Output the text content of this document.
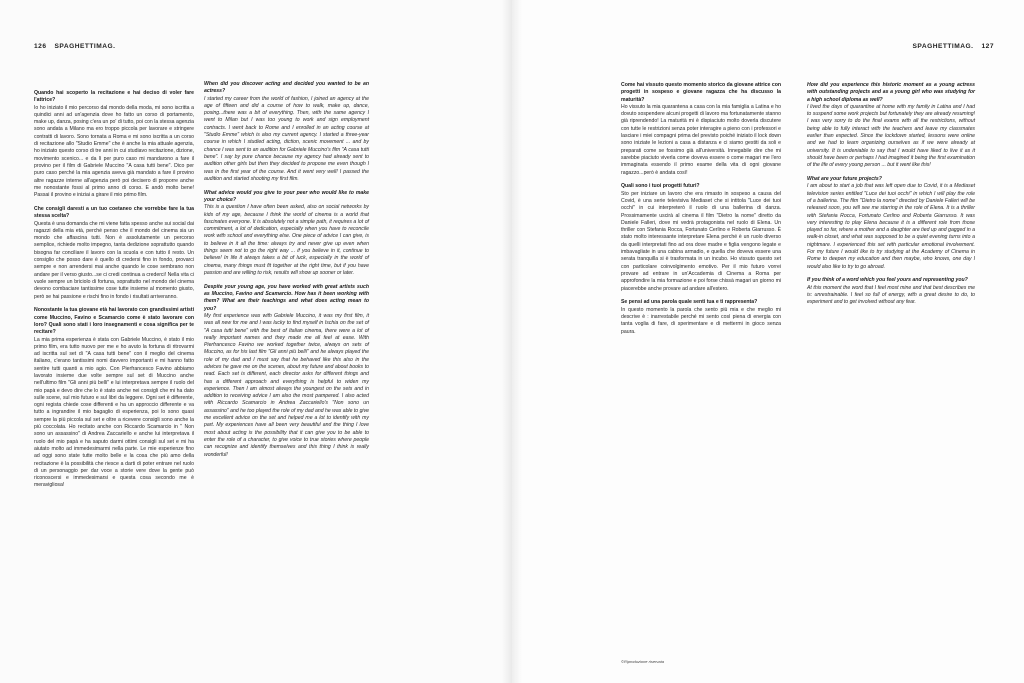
126 SPAGHETTIMAG.

Quando hai scoperto la recitazione e hai deciso di voler fare l'attrice?

Io ho iniziato il mio percorso dal mondo della moda, mi sono iscritta a quindici anni ad un'agenzia dove ho fatto un corso di portamento, make up, danza, posing c'era un po' di tutto, poi con la stessa agenzia sono andata a Milano ma ero troppo piccola per lavorare e stringere contratti di lavoro. Sono tornata a Roma e mi sono iscritta a un corso di recitazione allo "Studio Emme" che è anche la mia attuale agenzia, ho iniziato questo corso di tre anni in cui studiavo recitazione, dizione, movimento scenico... e da lì per puro caso mi mandarono a fare il provino per il film di Gabriele Muccino "A casa tutti bene". Dico per puro caso perché la mia agenzia aveva già mandato a fare il provino altre ragazze interne all'agenzia però poi decisero di proporre anche me nonostante fossi al primo anno di corso. E andò molto bene! Passai il provino e iniziai a girare il mio primo film.

Che consigli daresti a un tuo coetaneo che vorrebbe fare la tua stessa scelta?

Questa è una domanda che mi viene fatta spesso anche sui social dai ragazzi della mia età, perché penso che il mondo del cinema sia un mondo che affascina tutti. Non è assolutamente un percorso semplice, richiede molto impegno, tanta dedizione soprattutto quando bisogna far conciliare il lavoro con la scuola e con tutto il resto. Un consiglio che posso dare è quello di credersi fino in fondo, provarci sempre e non arrendersi mai anche quando le cose sembrano non andare per il verso giusto...se ci credi continua a crederci! Nella vita ci vuole sempre un briciolo di fortuna, soprattutto nel mondo del cinema devono combaciare tantissime cose tutte insieme al momento giusto, però se hai passione e rischi fino in fondo i risultati arriveranno.

Nonostante la tua giovane età hai lavorato con grandissimi artisti come Muccino, Favino e Scamarcio come è stato lavorare con loro? Quali sono stati i loro insegnamenti e cosa significa per te recitare?

La mia prima esperienza è stata con Gabriele Muccino, è stato il mio primo film, era tutto nuovo per me e ho avuto la fortuna di ritrovarmi ad iscritta sul set di "A casa tutti bene" con il meglio del cinema italiano, c'erano tantissimi nomi davvero importanti e mi hanno fatto sentire tutti quanti a mio agio. Con Pierfrancesco Favino abbiamo lavorato insieme due volte sempre sul set di Muccino anche nell'ultimo film "Gli anni più belli" e lui interpretava sempre il ruolo del mio papà e devo dire che lo è stato anche nei consigli che mi ha dato sulle scene, sul mio futuro e sul libri da leggere. Ogni set è differente, ogni regista chiede cose differenti e ha un approccio differente e va tutto a ingrandire il mio bagaglio di esperienza, poi lo sono quasi sempre la più piccola sul set e oltre a ricevere consigli sono anche la più coccolata. Ho recitato anche con Riccardo Scamarcio in " Non sono un assassino" di Andrea Zaccariello e anche lui interpretava il ruolo del mio papà e ha saputo darmi ottimi consigli sul set e mi ha aiutato molto ad immedesimarmi nella parte. Le mie esperienze fino ad oggi sono state tutte molto belle e la cosa che più amo della recitazione è la possibilità che riesce a darti di poter entrare nel ruolo di un personaggio per dar voce a storie vere dove la gente può riconoscersi e immedesimarsi e questa cosa secondo me è meravigliosa!

When did you discover acting and decided you wanted to be an actress?

I started my career from the world of fashion, I joined an agency at the age of fifteen and did a course of how to walk, make up, dance, posing...there was a bit of everything. Then, with the same agency I went to Milan but I was too young to work and sign employment contracts. I went back to Rome and I enrolled in an acting course at "Studio Emme" which is also my current agency. I started a three-year course in which I studied acting, diction, scenic movement ... and by chance I was sent to an audition for Gabriele Muccino's film "A casa tutti bene". I say by pure chance because my agency had already sent to audition other girls but then they decided to propose me even though I was in the first year of the course. And it went very well! I passed the audition and started shooting my first film.

What advice would you give to your peer who would like to make your choice?

This is a question I have often been asked, also on social networks by kids of my age, because I think the world of cinema is a world that fascinates everyone. It is absolutely not a simple path, it requires a lot of commitment, a lot of dedication, especially when you have to reconcile work with school and everything else. One piece of advice I can give, is to believe in it all the time: always try and never give up even when things seem not to go the right way ... if you believe in it, continue to believe! In life it always takes a bit of luck, especially in the world of cinema, many things must fit together at the right time, but if you have passion and are willing to risk, results will show up sooner or later.

Despite your young age, you have worked with great artists such as Muccino, Favino and Scamarcio. How has it been working with them? What are their teachings and what does acting mean to you?

My first experience was with Gabriele Muccino, it was my first film, it was all new for me and I was lucky to find myself in Ischia on the set of "A casa tutti bene" with the best of Italian cinema, there were a lot of really important names and they made me all feel at ease. With Pierfrancesco Favino we worked together twice, always on sets of Muccino, as for his last film "Gli anni più belli" and he always played the role of my dad and I must say that he behaved like this also in the advices he gave me on the scenes, about my future and about books to read. Each set is different, each director asks for different things and has a different approach and everything is helpful to widen my experience. Then I am almost always the youngest on the sets and in addition to receiving advice I am also the most pampered. I also acted with Riccardo Scamarcio in Andrea Zaccariello's "Non sono un assassino" and he too played the role of my dad and he was able to give me excellent advice on the set and helped me a lot to identify with my part. My experiences have all been very beautiful and the thing I love most about acting is the possibility that it can give you to be able to enter the role of a character, to give voice to true stories where people can recognize and identify themselves and this thing I think is really wonderful!

SPAGHETTIMAG. 127

Come hai vissuto questo momento storico da giovane attrice con progetti in sospeso e giovane ragazza che ha discusso la maturità?

Ho vissuto la mia quarantena a casa con la mia famiglia a Latina e ho dovuto sospendere alcuni progetti di lavoro ma fortunatamente stanno già riprendendo! La maturità mi è dispiaciuto molto doverla discutere con tutte le restrizioni senza poter interagire a pieno con i professori e lasciare i miei compagni prima del previsto poiché iniziato il lock down sono iniziate le lezioni a casa a distanza e ci siamo gestiti da soli e preparati come se fossimo già all'università. Innegabile dire che mi sarebbe piaciuto viverla come doveva essere o come magari me l'ero immaginata essendo il primo esame della vita di ogni giovane ragazzo...però è andata così!

Quali sono i tuoi progetti futuri?

Sto per iniziare un lavoro che era rimasto in sospeso a causa del Covid, è una serie televisiva Mediaset che si intitola "Luce dei tuoi occhi" in cui interpreterò il ruolo di una ballerina di danza. Prossimamente uscirà al cinema il film "Dietro la nome" diretto da Daniele Falleri, dove mi vedrà protagonista nel ruolo di Elena. Un thriller con Stefania Rocca, Fortunato Cerlino e Roberta Giarrusso. È stato molto interessante interpretare Elena perché è un ruolo diverso da quelli interpretati fino ad ora dove madre e figlia vengono legate e imbavagliate in una cabina armadio, e quella che doveva essere una serata tranquilla si è trasformata in un incubo. Ho vissuto questo set con particolare coinvolgimento emotivo. Per il mio futuro vorrei provare ad entrare in un'Accademia di Cinema a Roma per approfondire la mia formazione e poi forse chissà magari un giorno mi piacerebbe anche provare ad andare all'estero.

Se pensi ad una parola quale senti tua e ti rappresenta?

In questo momento la parola che sento più mia e che meglio mi descrive è : inarrestabile perché mi sento così piena di energia con tanta voglia di fare, di sperimentare e di mettermi in gioco senza paura.

How did you experience this historic moment as a young actress with outstanding projects and as a young girl who was studying for a high school diploma as well?

I lived the days of quarantine at home with my family in Latina and I had to suspend some work projects but fortunately they are already resuming! I was very sorry to do the final exams with all the restrictions, without being able to fully interact with the teachers and leave my classmates earlier than expected. Since the lockdown started, lessons were online and we had to learn organizing ourselves as if we were already at university. It is undeniable to say that I would have liked to live it as it should have been or perhaps I had imagined it being the first examination of the life of every young person ... but it went like this!

What are your future projects?

I am about to start a job that was left open due to Covid, it is a Mediaset television series entitled "Luce dei tuoi occhi" in which I will play the role of a ballerina. The film "Dietro la nome" directed by Daniele Falleri will be released soon, you will see me starring in the role of Elena. It is a thriller with Stefania Rocca, Fortunato Cerlino and Roberta Giarrusso. It was very interesting to play Elena because it is a different role from those played so far, where a mother and a daughter are tied up and gagged in a walk-in closet, and what was supposed to be a quiet evening turns into a nightmare. I experienced this set with particular emotional involvement. For my future I would like to try studying at the Academy of Cinema in Rome to deepen my education and then maybe, who knows, one day I would also like to try to go abroad.

If you think of a word which you feel yours and representing you?

At this moment the word that I feel most mine and that best describes me is: unrestrainable. I feel so full of energy, with a great desire to do, to experiment and to get involved without any fear.

©Riproduzione riservata
